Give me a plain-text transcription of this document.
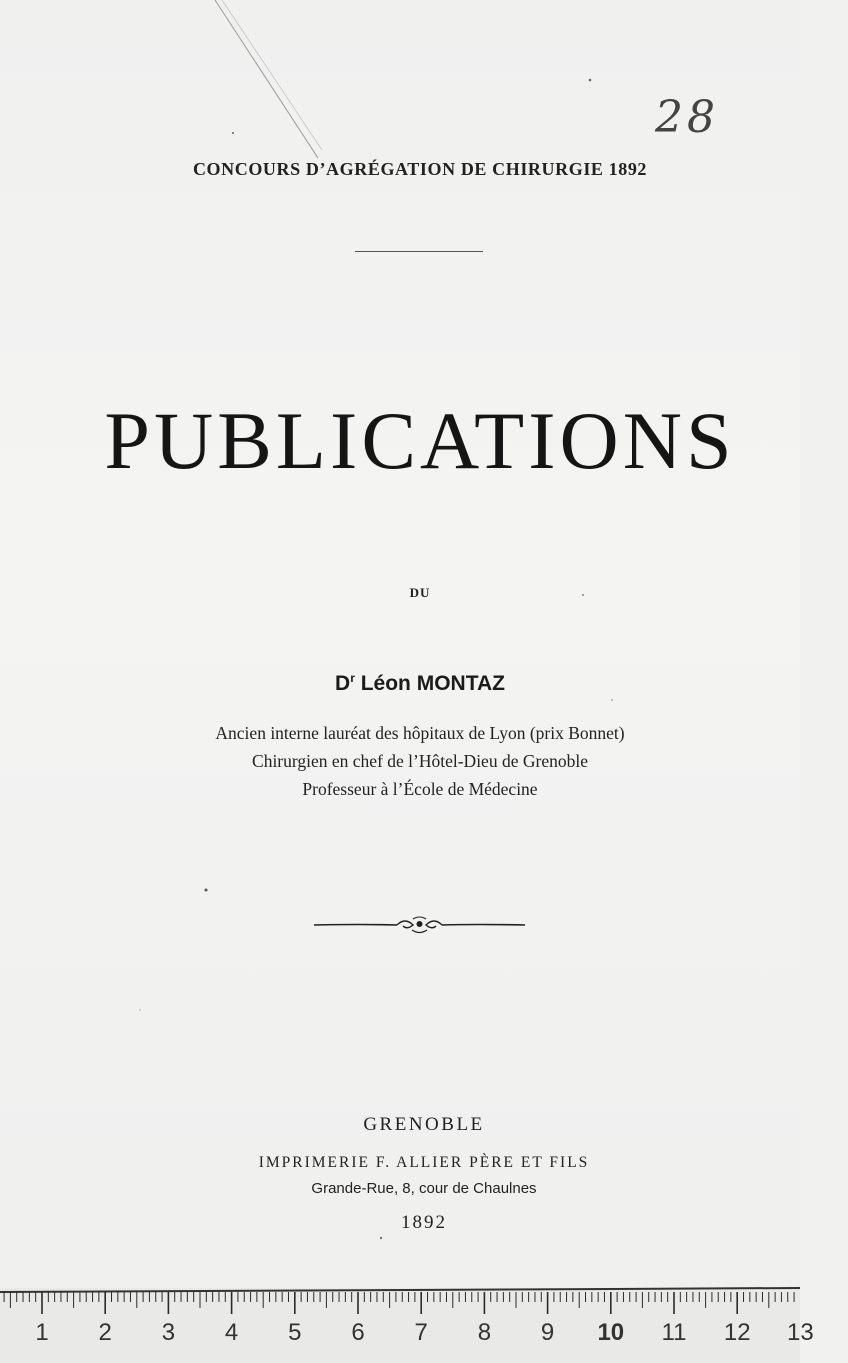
28
CONCOURS D’AGRÉGATION DE CHIRURGIE 1892
PUBLICATIONS
DU
$D^r$ Léon MONTAZ
Ancien interne lauréat des hôpitaux de Lyon (prix Bonnet)
Chirurgien en chef de l’Hôtel-Dieu de Grenoble
Professeur à l’École de Médecine
GRENOBLE
IMPRIMERIE F. ALLIER PÈRE ET FILS
Grande-Rue, 8, cour de Chaulnes
1892
1 2 3 4 5 6 7 8 9 10 11 12 13
